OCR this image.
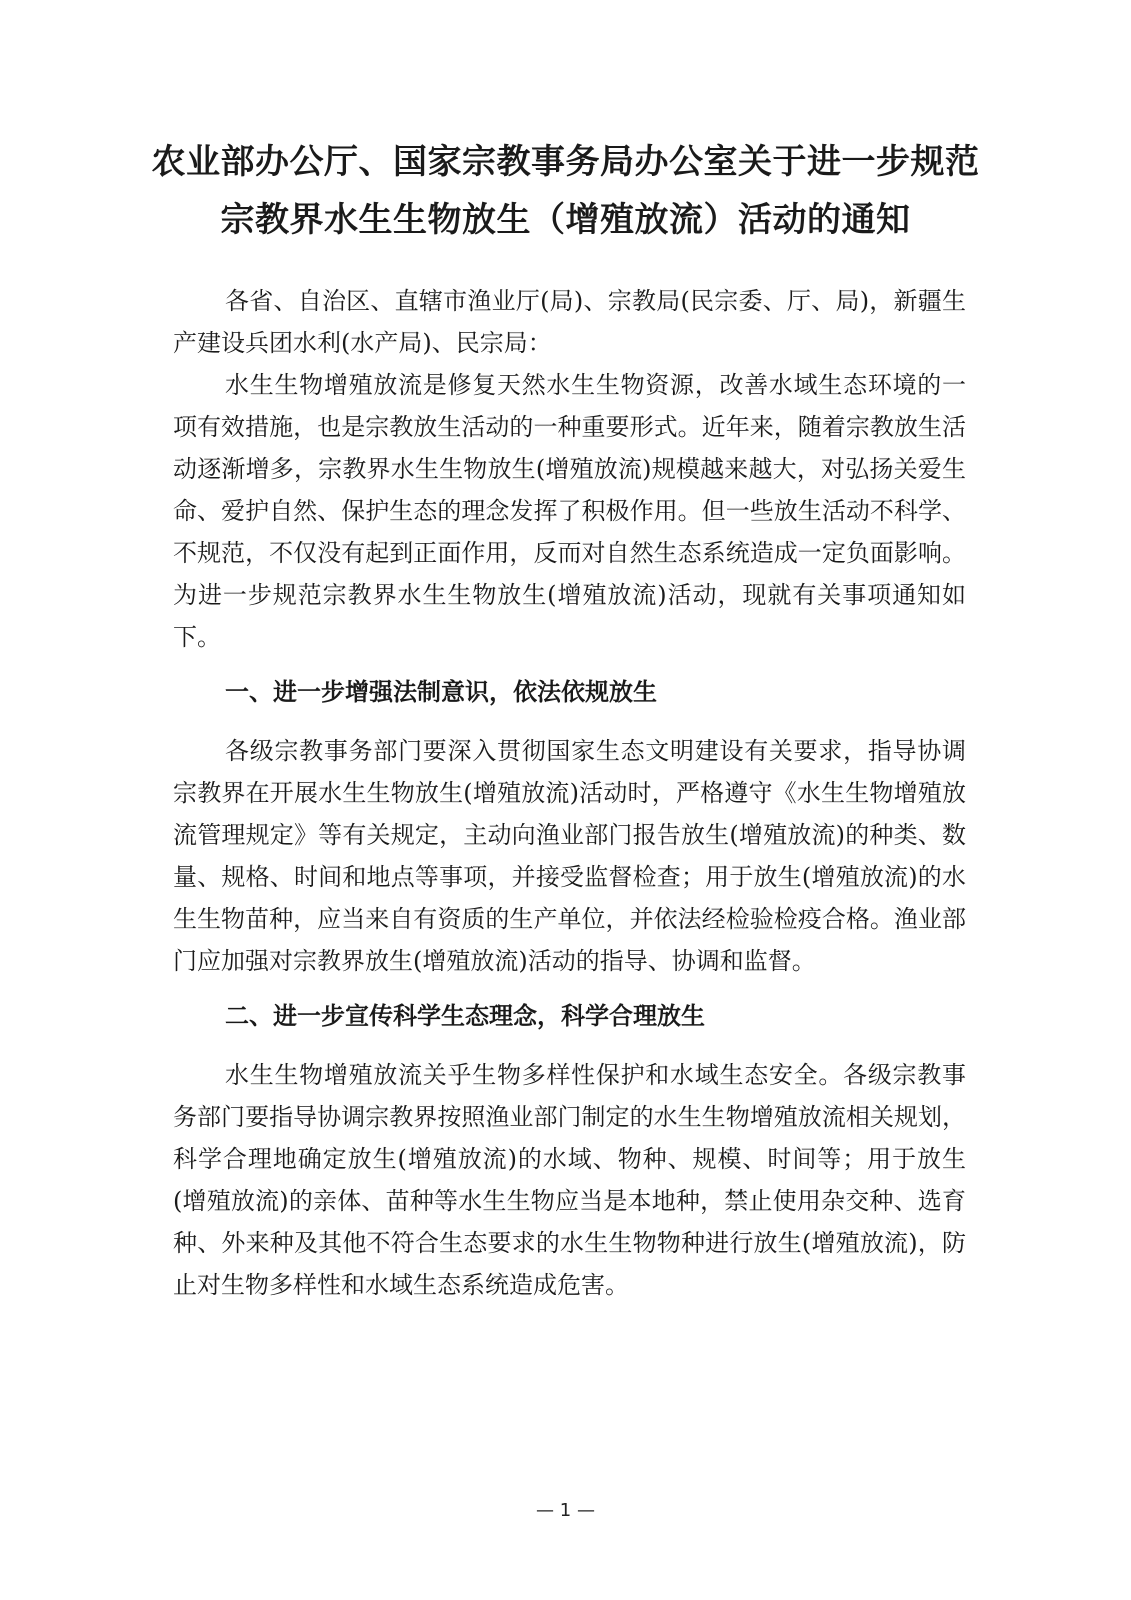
农业部办公厅、国家宗教事务局办公室关于进一步规范
宗教界水生生物放生（增殖放流）活动的通知

各省、自治区、直辖市渔业厅(局)、宗教局(民宗委、厅、局)，新疆生产建设兵团水利(水产局)、民宗局：

水生生物增殖放流是修复天然水生生物资源，改善水域生态环境的一项有效措施，也是宗教放生活动的一种重要形式。近年来，随着宗教放生活动逐渐增多，宗教界水生生物放生(增殖放流)规模越来越大，对弘扬关爱生命、爱护自然、保护生态的理念发挥了积极作用。但一些放生活动不科学、不规范，不仅没有起到正面作用，反而对自然生态系统造成一定负面影响。为进一步规范宗教界水生生物放生(增殖放流)活动，现就有关事项通知如下。

一、进一步增强法制意识，依法依规放生

各级宗教事务部门要深入贯彻国家生态文明建设有关要求，指导协调宗教界在开展水生生物放生(增殖放流)活动时，严格遵守《水生生物增殖放流管理规定》等有关规定，主动向渔业部门报告放生(增殖放流)的种类、数量、规格、时间和地点等事项，并接受监督检查；用于放生(增殖放流)的水生生物苗种，应当来自有资质的生产单位，并依法经检验检疫合格。渔业部门应加强对宗教界放生(增殖放流)活动的指导、协调和监督。

二、进一步宣传科学生态理念，科学合理放生

水生生物增殖放流关乎生物多样性保护和水域生态安全。各级宗教事务部门要指导协调宗教界按照渔业部门制定的水生生物增殖放流相关规划，科学合理地确定放生(增殖放流)的水域、物种、规模、时间等；用于放生(增殖放流)的亲体、苗种等水生生物应当是本地种，禁止使用杂交种、选育种、外来种及其他不符合生态要求的水生生物物种进行放生(增殖放流)，防止对生物多样性和水域生态系统造成危害。

— 1 —
